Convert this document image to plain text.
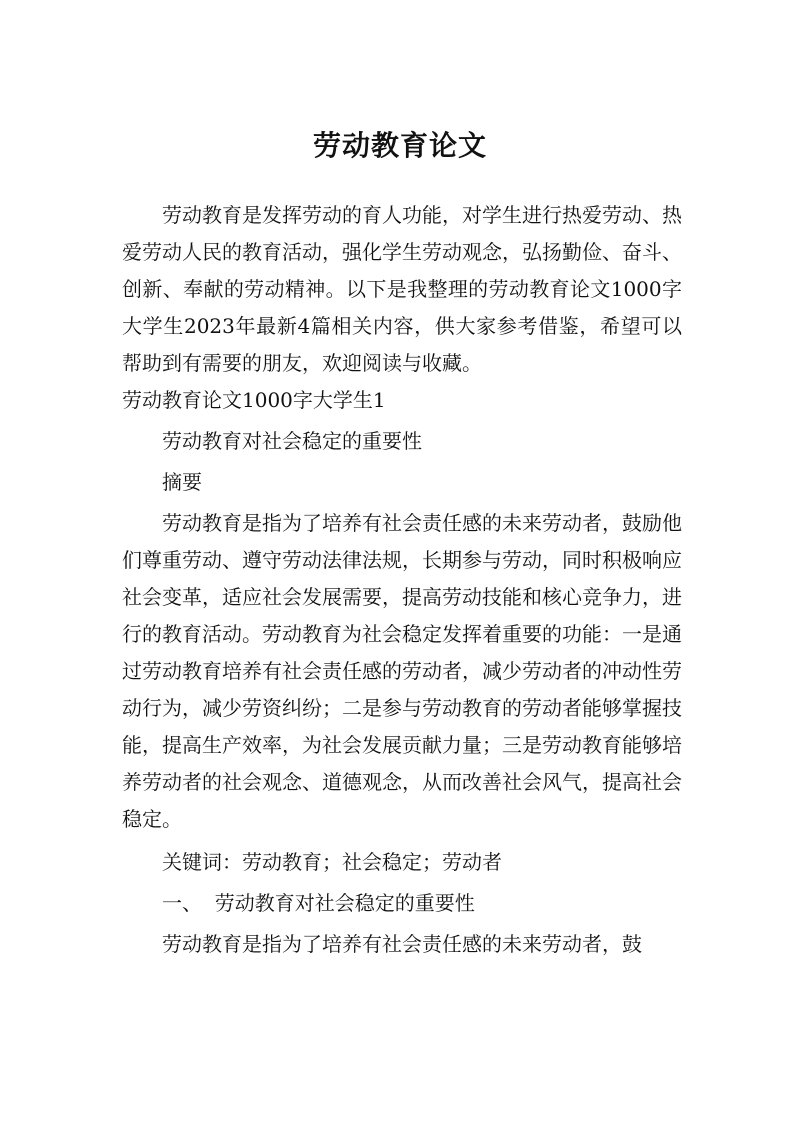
劳动教育论文

劳动教育是发挥劳动的育人功能，对学生进行热爱劳动、热爱劳动人民的教育活动，强化学生劳动观念，弘扬勤俭、奋斗、创新、奉献的劳动精神。以下是我整理的劳动教育论文1000字大学生2023年最新4篇相关内容，供大家参考借鉴，希望可以帮助到有需要的朋友，欢迎阅读与收藏。

劳动教育论文1000字大学生1

劳动教育对社会稳定的重要性

摘要

劳动教育是指为了培养有社会责任感的未来劳动者，鼓励他们尊重劳动、遵守劳动法律法规，长期参与劳动，同时积极响应社会变革，适应社会发展需要，提高劳动技能和核心竞争力，进行的教育活动。劳动教育为社会稳定发挥着重要的功能：一是通过劳动教育培养有社会责任感的劳动者，减少劳动者的冲动性劳动行为，减少劳资纠纷；二是参与劳动教育的劳动者能够掌握技能，提高生产效率，为社会发展贡献力量；三是劳动教育能够培养劳动者的社会观念、道德观念，从而改善社会风气，提高社会稳定。

关键词：劳动教育；社会稳定；劳动者

一、  劳动教育对社会稳定的重要性

劳动教育是指为了培养有社会责任感的未来劳动者，鼓
